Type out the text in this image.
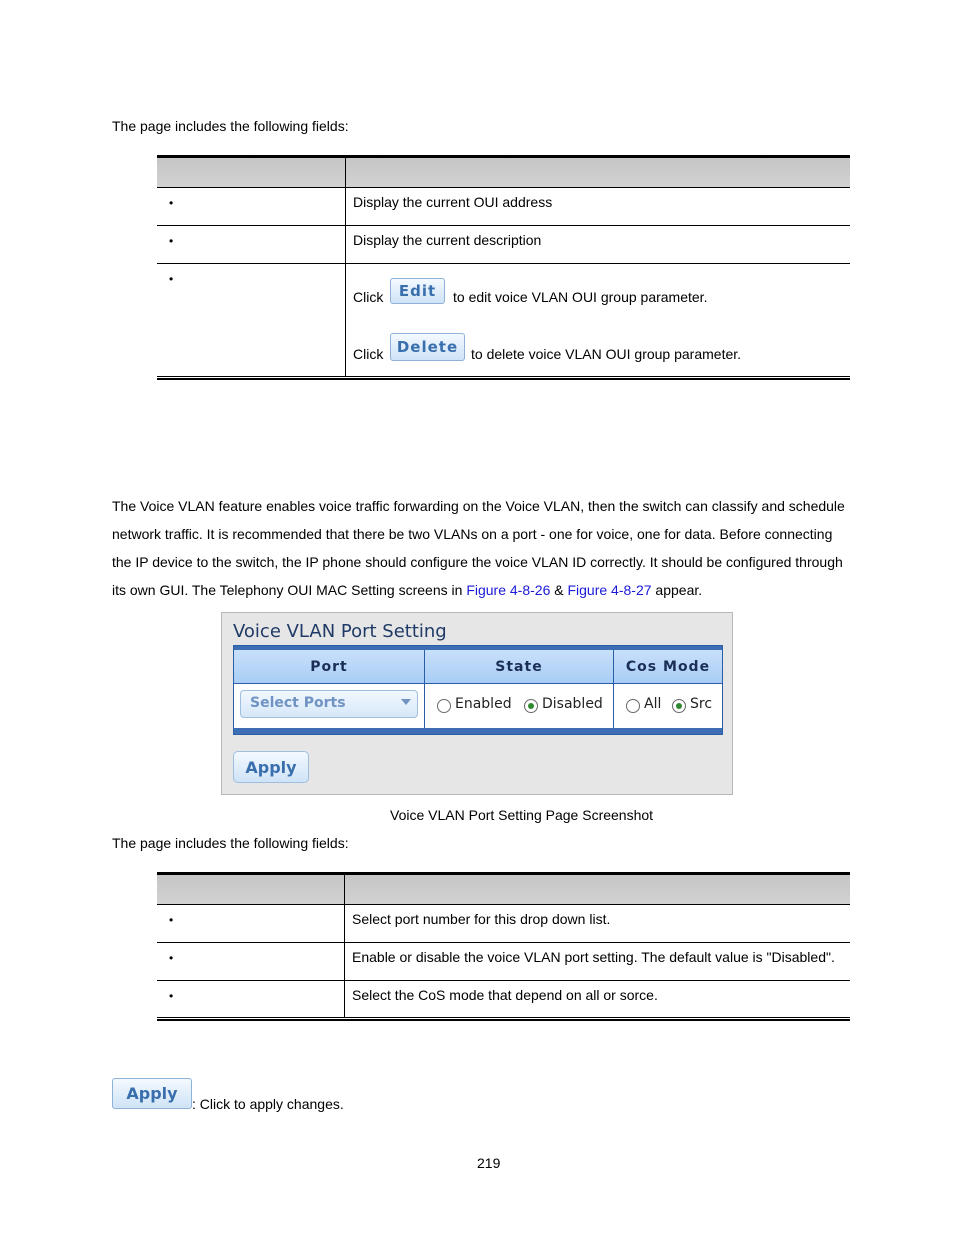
The page includes the following fields:
•	Display the current OUI address
•	Display the current description
•
Click	Edit	to edit voice VLAN OUI group parameter.
Click Delete to delete voice VLAN OUI group parameter.
The Voice VLAN feature enables voice traffic forwarding on the Voice VLAN, then the switch can classify and schedule
network traffic. It is recommended that there be two VLANs on a port - one for voice, one for data. Before connecting
the IP device to the switch, the IP phone should configure the voice VLAN ID correctly. It should be configured through
its own GUI. The Telephony OUI MAC Setting screens in Figure 4-8-26 & Figure 4-8-27 appear.
Voice VLAN Port Setting
Port	State	Cos Mode
Select Ports	Enabled Disabled	All Src
Apply
Voice VLAN Port Setting Page Screenshot
The page includes the following fields:
•	Select port number for this drop down list.
•	Enable or disable the voice VLAN port setting. The default value is "Disabled".
•	Select the CoS mode that depend on all or sorce.
Apply
: Click to apply changes.
219
